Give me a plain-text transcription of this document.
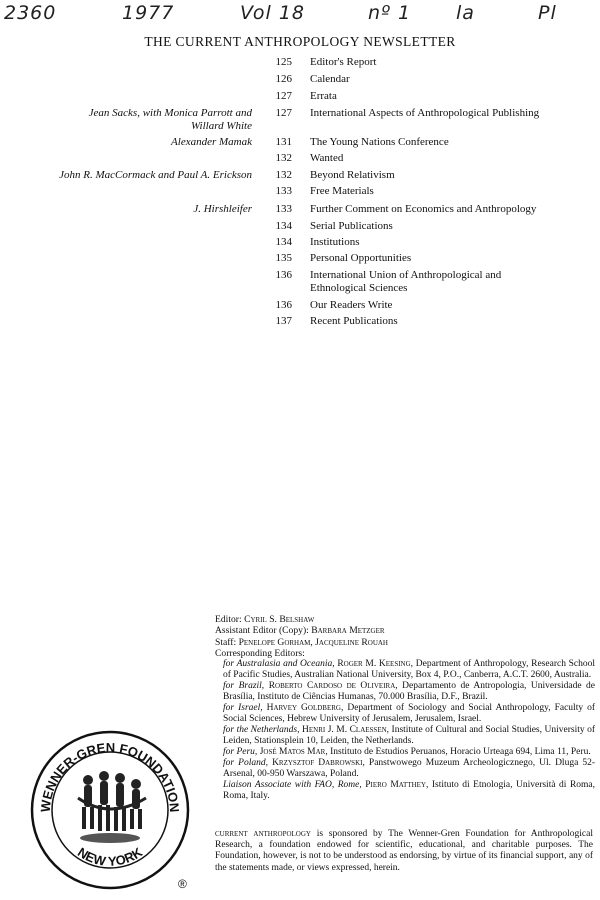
2360	1977	Vol 18	nº 1 la	Pl
THE CURRENT ANTHROPOLOGY NEWSLETTER
125 Editor's Report
126 Calendar
127 Errata
Jean Sacks, with Monica Parrott and	127 International Aspects of Anthropological Publishing
Willard White
Alexander Mamak	131 The Young Nations Conference
132 Wanted
John R. MacCormack and Paul A. Erickson	132 Beyond Relativism
133 Free Materials
J. Hirshleifer	133 Further Comment on Economics and Anthropology
134 Serial Publications
134 Institutions
135 Personal Opportunities
136 International Union of Anthropological and
Ethnological Sciences
136 Our Readers Write
137 Recent Publications
Editor: Cyril S. Belshaw
Assistant Editor (Copy): Barbara Metzger
Staff: Penelope Gorham, Jacqueline Rouah
Corresponding Editors:
for Australasia and Oceania, Roger M. Keesing, Department of Anthropology, Research School of Pacific Studies, Australian National University, Box 4, P.O., Canberra, A.C.T. 2600, Australia.
for Brazil, Roberto Cardoso de Oliveira, Departamento de Antropologia, Universidade de Brasília, Instituto de Ciências Humanas, 70.000 Brasília, D.F., Brazil.
for Israel, Harvey Goldberg, Department of Sociology and Social Anthropology, Faculty of Social Sciences, Hebrew University of Jerusalem, Jerusalem, Israel.
for the Netherlands, Henri J. M. Claessen, Institute of Cultural and Social Studies, University of Leiden, Stationsplein 10, Leiden, the Netherlands.
for Peru, José Matos Mar, Instituto de Estudios Peruanos, Horacio Urteaga 694, Lima 11, Peru.
for Poland, Krzysztof Dabrowski, Panstwowego Muzeum Archeologicznego, Ul. Dluga 52-Arsenal, 00-950 Warszawa, Poland.
Liaison Associate with FAO, Rome, Piero Matthey, Istituto di Etnologia, Università di Roma, Roma, Italy.
current anthropology is sponsored by The Wenner-Gren Foundation for Anthropological Research, a foundation endowed for scientific, educational, and charitable purposes. The Foundation, however, is not to be understood as endorsing, by virtue of its financial support, any of the statements made, or views expressed, herein.
WENNER-GREN FOUNDATION
NEW YORK
®
